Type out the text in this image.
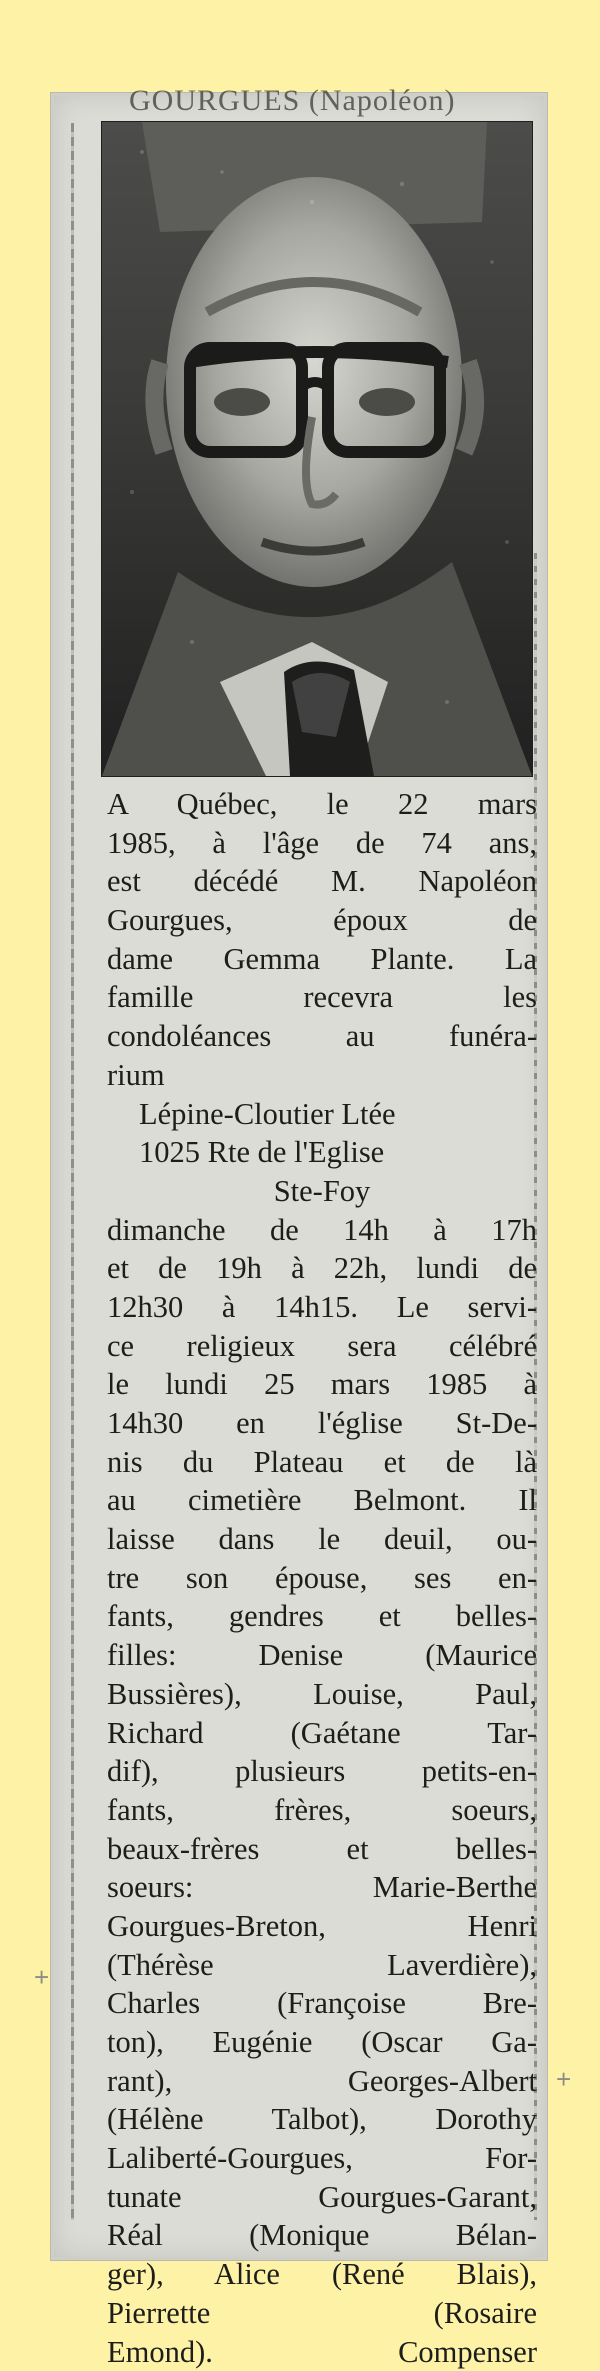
GOURGUES (Napoléon)
A Québec, le 22 mars
1985, à l'âge de 74 ans,
est décédé M. Napoléon
Gourgues, époux de
dame Gemma Plante. La
famille recevra les
condoléances au funéra-
rium
Lépine-Cloutier Ltée
1025 Rte de l'Eglise
Ste-Foy
dimanche de 14h à 17h
et de 19h à 22h, lundi de
12h30 à 14h15. Le servi-
ce religieux sera célébré
le lundi 25 mars 1985 à
14h30 en l'église St-De-
nis du Plateau et de là
au cimetière Belmont. Il
laisse dans le deuil, ou-
tre son épouse, ses en-
fants, gendres et belles-
filles: Denise (Maurice
Bussières), Louise, Paul,
Richard (Gaétane Tar-
dif), plusieurs petits-en-
fants, frères, soeurs,
beaux-frères et belles-
soeurs: Marie-Berthe
Gourgues-Breton, Henri
(Thérèse Laverdière),
Charles (Françoise Bre-
ton), Eugénie (Oscar Ga-
rant), Georges-Albert
(Hélène Talbot), Dorothy
Laliberté-Gourgues, For-
tunate Gourgues-Garant,
Réal (Monique Bélan-
ger), Alice (René Blais),
Pierrette (Rosaire
Emond). Compenser
+
+
